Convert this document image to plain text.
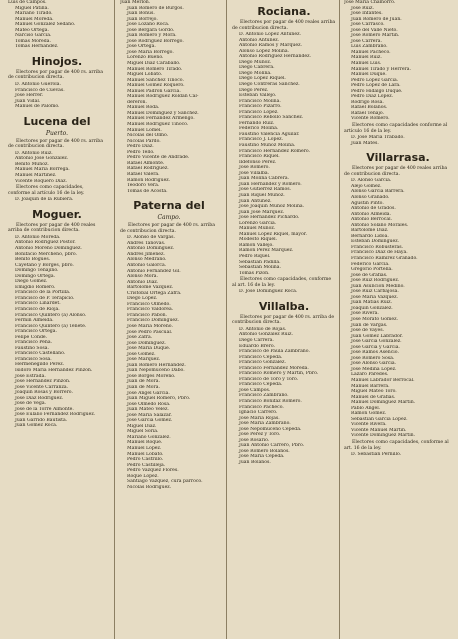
Luis de Campos.
Miguel Patilla.
Mariano Tirado.
Manuel Moreda.
Manuel Gonzalez Sedaño.
Mateo Ortega.
Narciso Garcia.
Tomas Moreda.
Tomas Hernandez.
Hinojos.
Electores por pagar de 400 rs. arriba de contribucion directa.
D. Antonio Guerola.
Francisco de Cuevas.
José Herrer.
Juan Vidal.
Manuel de Palomo.
Lucena del
Puerto.
Electores por pagar de 400 rs. arriba de contribucion directa.
D. Antonio Ruiz.
Antonio José Gonzalez.
Benito Muñoz.
Manuel Maria Borrega.
Manuel Martinez.
Vicente Roquero Diaz.
Electores como capacidades, conforme al artículo 16 de la ley.
D. Joaquin de la Rubiera.
Moguer.
Electores por pagar de 400 reales arriba de contribucion directa.
D. Antonio Moreda.
Antonio Rodriguez Postor.
Antonio Moreno Dominguez.
Bonifacio Mercheno, pbro.
Benito Bogues.
Cayetano y Borges, pbro.
Domingo Tenajiño.
Domingo Ortega.
Diego Gomez.
Emigdio Romero.
Francisco de la Portilla.
Francisco de P. Terapicio.
Francisco Linardet.
Francisco de Rioja.
Francisco Quintero (a) Alonso.
Fermin Almeida.
Francisco Quintero (a) Tenete.
Francisco Ortega.
Felipe Conde.
Francisco Peña.
Faustino Sosa.
Francisco Castellano.
Francisco Sosa.
Hermenegildo Perez.
Isidoro Maria Hernandez Pinzon.
José Estrada.
José Hernandez Pinzon.
José Vicente Carranza.
Joaquin Rosas y Borrero.
José Diaz Rodriguez.
José de Vega.
José de la Torre Almonte.
José Eulalio Fernandez Rodriguez.
Juan Garrido Bautista.
Juan Gomez Roca.
Juan Merlon.
Juan Romero de Burgos.
Juan Bonus.
Juan Borrejo.
José Lozano Roca.
José Bergara Gordo.
Juan Romero y Mora.
José Rodriguez Borrego.
José Ortega.
José Maria Borrego.
Lorenzo Bueno.
Miguel Diaz Caraballo.
Manuel Romero Tirado.
Miguel Lobato.
Manuel Sanchez Tinoco.
Manuel Gomez Roquero.
Manuel Padron Garcia.
Manuel Rodriguez Roldán Cal-
dereron.
Manuel Roda.
Manuel Dominguez y Sanchez.
Manuel Fernandez Armengo.
Manuel Rodriguez Tinoco.
Manuel Lomel.
Nicolas del Olmo.
Nicolás Pardo.
Pedro Diaz.
Pedro Tello.
Pedro Vicente de Andrade.
Rafael Almonte.
Rafael Rodriguez.
Rafael Valera.
Ramon Rodriguez.
Teodoro Vera.
Tomas de Acosta.
Paterna del
Campo.
Electores por pagar de 400 rs. arriba de contribucion directa.
D. Alonso de Vargas.
Andres Tanovas.
Antonio Dominguez.
Andres Jimenez.
Alonso Medrano.
Antonio Galorca.
Antonio Fernandez Gil.
Alonso Mora.
Antonio Diaz.
Bartolomé Vazquez.
Cristóbal Ortega Zafra.
Diego Lopez.
Francisco Olmedo.
Francisco Valdorea.
Francisco Pabon.
Francisco Dominguez.
José Maria Moreno.
José Pedro Pascual.
José Zafra.
José Dominguez.
José Maria Duque.
José Gomez.
José Marquez.
Juan Romero Hernandez.
Juan Nepomuceno Dabo.
José Borges Moreno.
Juan de Mora.
Juan de Mora.
José Angel Garcia.
Juan Miguel Romero, Pbro.
José Olmedo Rosa.
Juan Mateo Velez.
José Maria Salazar.
José Garcia Gomez.
Miguel Diaz.
Miguel Soria.
Mariano Gonzalez.
Manuel Roque.
Manuel Lopez.
Manuel Lobato.
Pedro Castrillo.
Pedro Castilleja.
Pedro Vazquez Flores.
Roque Lopez.
Santiago Vazquez, cura párroco.
Nicolas Rodriguez.
Rociana.
Electores por pagar de 400 reales arriba de contribucion directa.
D. Antonio Lopez Antunez.
Antonio Antunez.
Antonio Ramos y Marquez.
Alonso Lopez Molina.
Antonio Rodriguez Hernandez.
Diego Muñoz.
Diego Cabrera.
Diego Molina.
Diego Lopez Riquel.
Diego Contreras Sanchez.
Diego Perez.
Esteban Vallejo.
Francisco Molina.
Francisco Pizarro.
Francisco Lopez.
Francisco Rebollo Sanchez.
Fernando Ruiz.
Federico Molina.
Faustino Valencia Aguilar.
Francisco J. Lopez.
Faustino Muñoz Molina.
Francisco Hernandez Romero.
Francisco Riquel.
Ildefonso Perez.
José Romero.
José Villalba.
Juan Molina Cabrera.
Juan Hernandez y Romero.
José Gutierrez Ramos.
Juan Riquel Muñoz.
Juan Antunez.
José Joaquin Muñoz Molina.
Juan José Marquez.
José Hernandez Pichardo.
Lorenzo Garcia.
Manuel Muñoz.
Manuel Lopez Riquel, mayor.
Modesto Riquel.
Ramon Vallejo.
Ramon Perez Marquez.
Pedro Riquel.
Sebastian Padilla.
Sebastian Molina.
Tomas Pizon.
Electores como capacidades, conforme al art. 16 de la ley.
D. José Dominguez Roca.
Villalba.
Electores por pagar de 400 rs. arriba de contribucion directa.
D. Antonio de Rojas.
Antonio Gonzalez Ruiz.
Diego Carrera.
Eduardo Brero.
Francisco de Paula Zambrano.
Francisco Cepeda.
Francisco Gonzalez.
Francisco Fernandez Moreda.
Francisco Romero y Martin, Pbro.
Francisco de Toro y Toro.
Francisco Cepeda.
José Campos.
Francisco Zambrano.
Francisco Bonifaz Romero.
Francisco Pacheco.
Ignacio Carrero.
José Maria Rojas.
José Maria Zambrano.
José Nepomuceno Cepeda.
José Perez y Toro.
José Rosario.
Juan Antonio Carrero, Pbro.
José Romero Bolaños.
José Maria Cepeda.
Juan Bolaños.
José Maria Chamorro.
José Ruiz.
José Infantes.
Juan Romero de Juan.
José Carrasco.
José del Valle Nieto.
José Romero Martin.
José Carrera.
Luis Zambrano.
Manuel Pacheco.
Manuel Ruiz.
Manuel Luis.
Manuel Tirado y Herrera.
Manuel Duque.
Pedro Lopez Garcia.
Pedro Lopez de Lara.
Pedro Hidalgo Duque.
Pedro Diaz Lopez.
Rodrigo Rosa.
Rafael Bolaños.
Rafael Tenajo.
Vicente Romero.
Electores como capacidades conforme al artículo 16 de la ley.
D. José Maria Trabado.
Juan Mates.
Villarrasa.
Electores por pagar de 400 reales arriba de contribucion directa.
D. Alonso Garcia.
Alejo Gomez.
Alonso Garcia Barrera.
Alonso Granado.
Agustin Pinto.
Antonio de Grados.
Antonio Almeida.
Antonio Berrocal.
Antonio Solano Morales.
Bartolomé Diaz.
Bernardo Lidoa.
Esteban Dominguez.
Francisco Robusteras.
Francisco Diaz de Haya.
Francisco Ramirez Granado.
Federico Garcia.
Gregorio Portella.
José de Grafias.
José Ruiz Rodriguez.
Juan Asuncion Medino.
José Ruiz Carbajosa.
José Maria Vazquez.
Juan Matias Ruiz.
Joaquin Gonzalez.
José Rivera.
José Morato Gomez.
Juan de Vargas.
José de Vayes.
Juan Gomez Labrador.
José Garcia Gonzalez.
José Garcia y Garcia.
José Ramos Asencio.
José Romero Sosa.
José Alonso Garcia.
José Medina Lopez.
Lázaro Paredes.
Manuel Labrador Berrocal.
Manuel Barrera.
Miguel Mateo Toro.
Manuel de Grafias.
Manuel Dominguez Martin.
Pablo Angel.
Ramon Gomez.
Sebastian Garcia Lopez.
Vicente Rivera.
Vicente Manuel Martin.
Vicente Dominguez Martin.
Electores como capacidades, conforme al art. 16 de la ley.
D. Sebastian Pernillo.
